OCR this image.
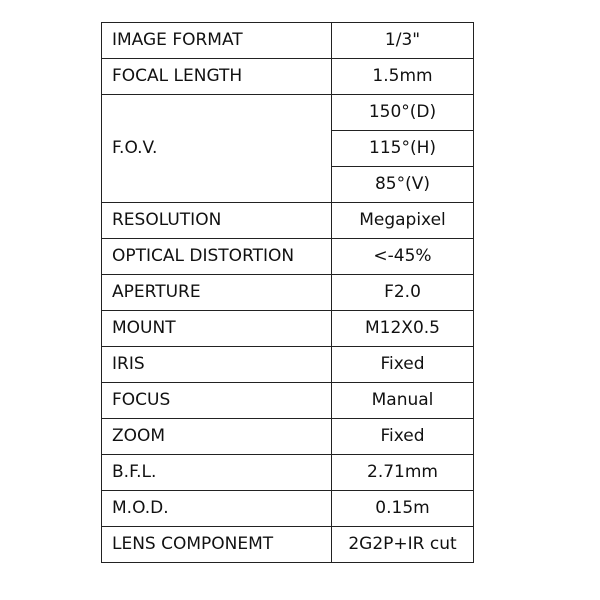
IMAGE FORMAT	1/3"
FOCAL LENGTH	1.5mm
F.O.V.	150°(D)
	115°(H)
	85°(V)
RESOLUTION	Megapixel
OPTICAL DISTORTION	<-45%
APERTURE	F2.0
MOUNT	M12X0.5
IRIS	Fixed
FOCUS	Manual
ZOOM	Fixed
B.F.L.	2.71mm
M.O.D.	0.15m
LENS COMPONEMT	2G2P+IR cut
